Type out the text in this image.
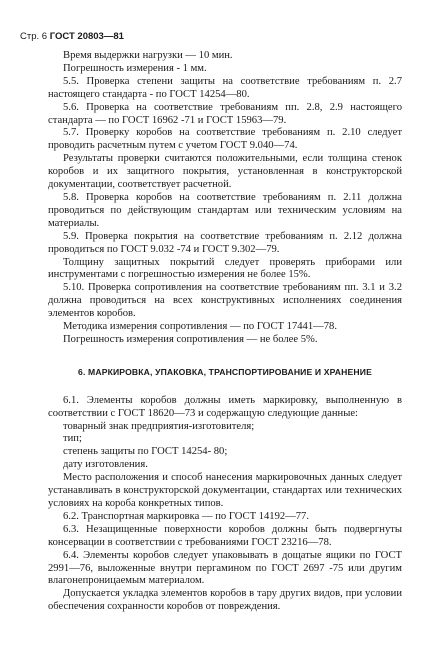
Стр. 6 ГОСТ 20803—81

Время выдержки нагрузки — 10 мин.

Погрешность измерения - 1 мм.

5.5. Проверка степени защиты на соответствие требованиям п. 2.7 настоящего стандарта - по ГОСТ 14254—80.

5.6. Проверка на соответствие требованиям пп. 2.8, 2.9 настоящего стандарта — по ГОСТ 16962 -71 и ГОСТ 15963—79.

5.7. Проверку коробов на соответствие требованиям п. 2.10 следует проводить расчетным путем с учетом ГОСТ 9.040—74.

Результаты проверки считаются положительными, если толщина стенок коробов и их защитного покрытия, установленная в конструкторской документации, соответствует расчетной.

5.8. Проверка коробов на соответствие требованиям п. 2.11 должна проводиться по действующим стандартам или техническим условиям на материалы.

5.9. Проверка покрытия на соответствие требованиям п. 2.12 должна проводиться по ГОСТ 9.032 -74 и ГОСТ 9.302—79.

Толщину защитных покрытий следует проверять приборами или инструментами с погрешностью измерения не более 15%.

5.10. Проверка сопротивления на соответствие требованиям пп. 3.1 и 3.2 должна проводиться на всех конструктивных исполнениях соединения элементов коробов.

Методика измерения сопротивления — по ГОСТ 17441—78.

Погрешность измерения сопротивления — не более 5%.

6. МАРКИРОВКА, УПАКОВКА, ТРАНСПОРТИРОВАНИЕ И ХРАНЕНИЕ

6.1. Элементы коробов должны иметь маркировку, выполненную в соответствии с ГОСТ 18620—73 и содержащую следующие данные:

товарный знак предприятия-изготовителя;

тип;

степень защиты по ГОСТ 14254- 80;

дату изготовления.

Место расположения и способ нанесения маркировочных данных следует устанавливать в конструкторской документации, стандартах или технических условиях на короба конкретных типов.

6.2. Транспортная маркировка — по ГОСТ 14192—77.

6.3. Незащищенные поверхности коробов должны быть подвергнуты консервации в соответствии с требованиями ГОСТ 23216—78.

6.4. Элементы коробов следует упаковывать в дощатые ящики по ГОСТ 2991—76, выложенные внутри пергамином по ГОСТ 2697 -75 или другим влагонепроницаемым материалом.

Допускается укладка элементов коробов в тару других видов, при условии обеспечения сохранности коробов от повреждения.
